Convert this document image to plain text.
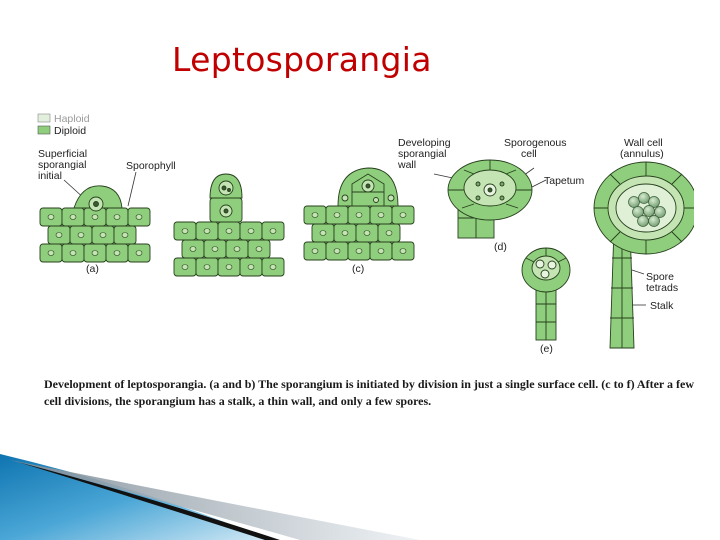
Leptosporangia
Haploid
Diploid
Superficial sporangial initial
Sporophyll
Developing sporangial wall
Sporogenous cell
Wall cell (annulus)
Tapetum
Spore tetrads
Stalk
(a)	(c)
(d)
(e)
Development of leptosporangia. (a and b) The sporangium is initiated by division in just a single surface cell. (c to f) After a few cell divisions, the sporangium has a stalk, a thin wall, and only a few spores.
